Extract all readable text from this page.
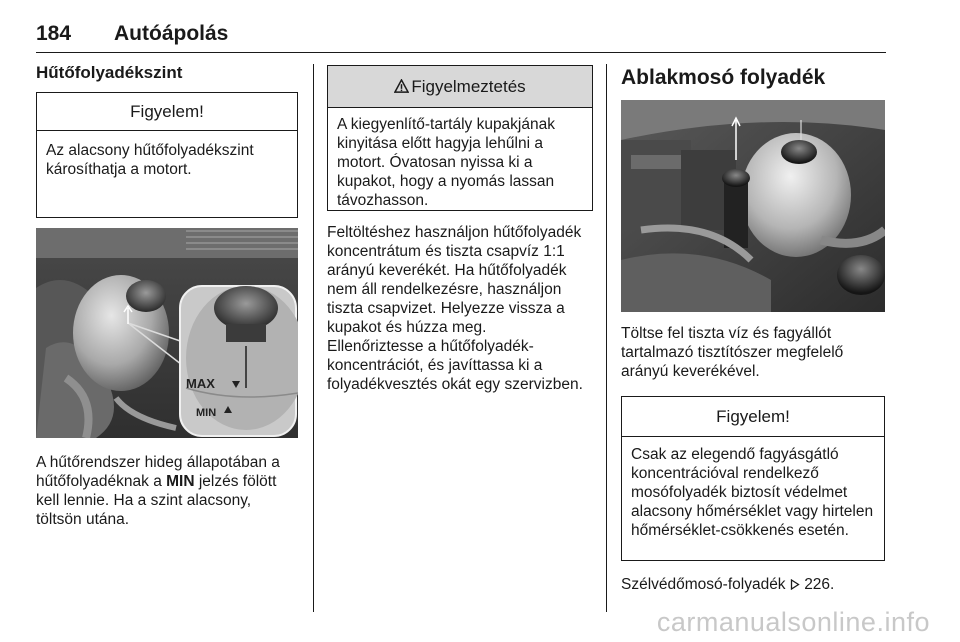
184 Autóápolás
Hűtőfolyadékszint
Figyelem!
Az alacsony hűtőfolyadékszint károsíthatja a motort.
MAX
MIN

A hűtőrendszer hideg állapotában a hűtőfolyadéknak a MIN jelzés fölött kell lennie. Ha a szint alacsony, töltsön utána.

Figyelmeztetés
A kiegyenlítő-tartály kupakjának kinyitása előtt hagyja lehűlni a motort. Óvatosan nyissa ki a kupakot, hogy a nyomás lassan távozhasson.

Feltöltéshez használjon hűtőfolyadék koncentrátum és tiszta csapvíz 1:1 arányú keverékét. Ha hűtőfolyadék nem áll rendelkezésre, használjon tiszta csapvizet. Helyezze vissza a kupakot és húzza meg.

Ellenőriztesse a hűtőfolyadék-koncentrációt, és javíttassa ki a folyadékvesztés okát egy szervizben.

Ablakmosó folyadék

Töltse fel tiszta víz és fagyállót tartalmazó tisztítószer megfelelő arányú keverékével.

Figyelem!
Csak az elegendő fagyásgátló koncentrációval rendelkező mosófolyadék biztosít védelmet alacsony hőmérséklet vagy hirtelen hőmérséklet-csökkenés esetén.

Szélvédőmosó-folyadék  226.

carmanualsonline.info
